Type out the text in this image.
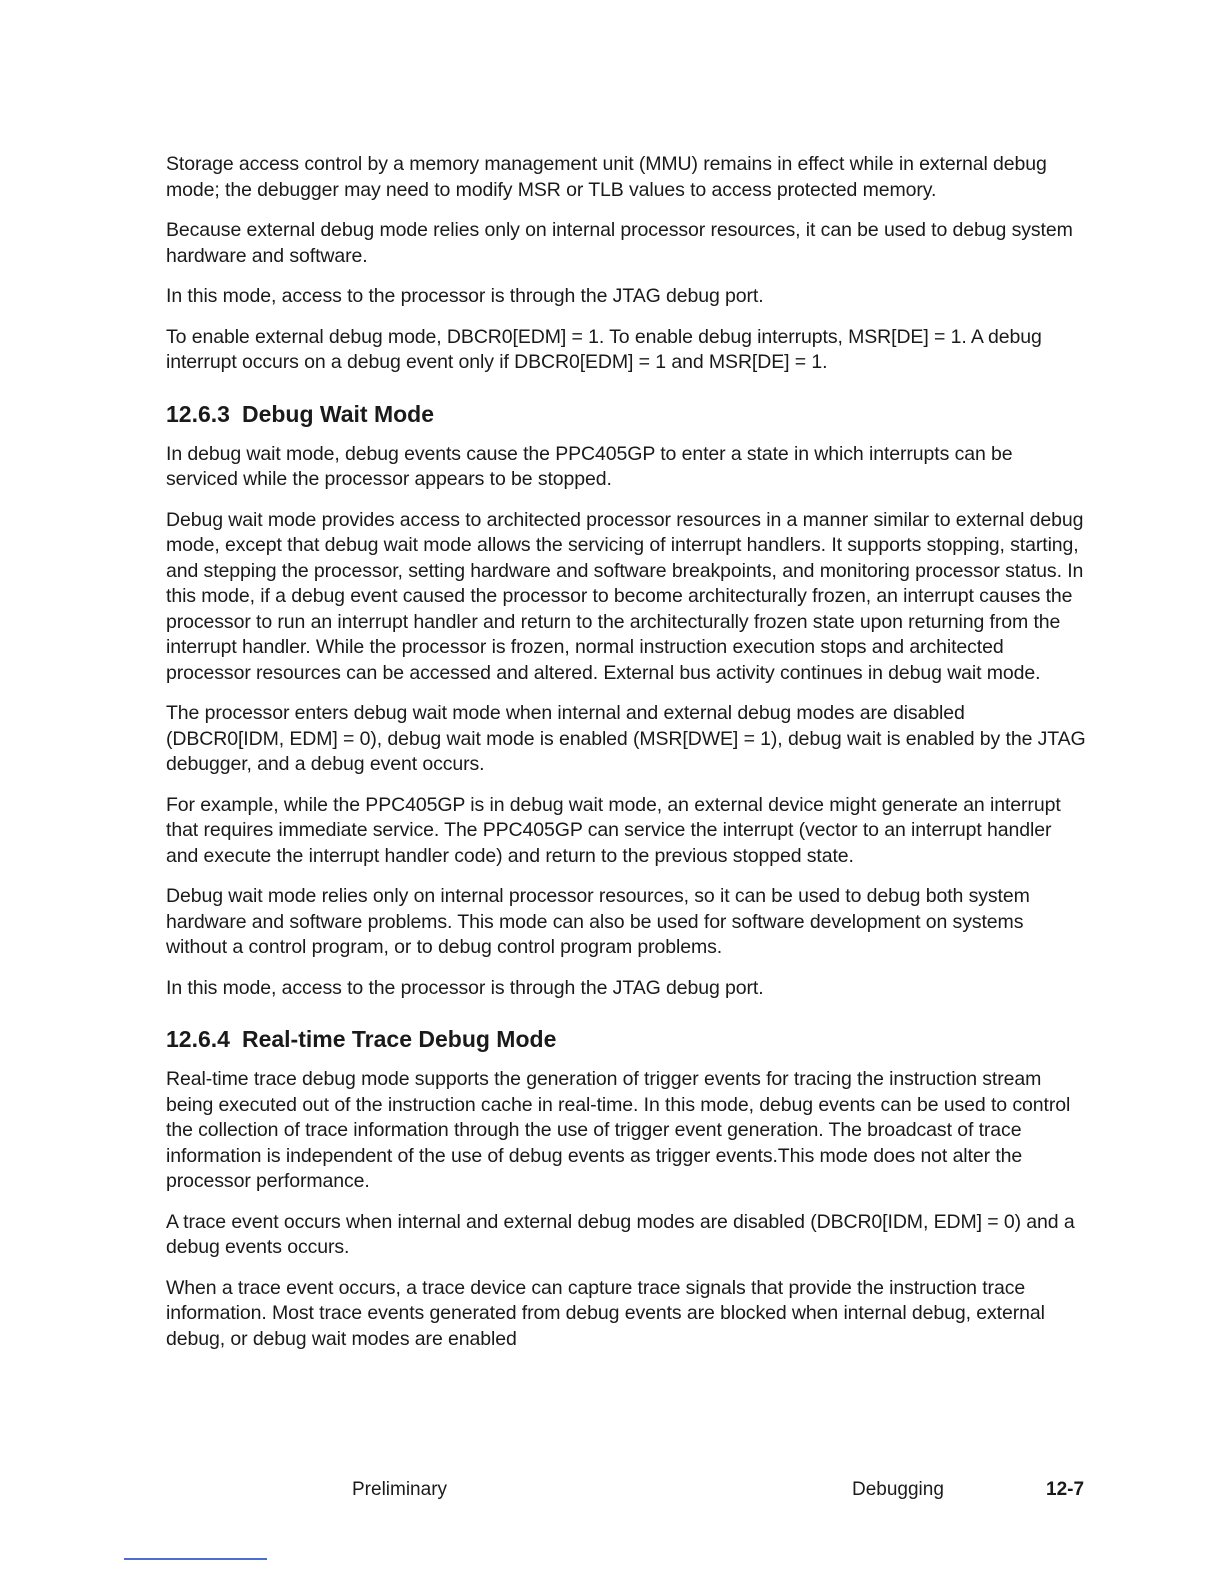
Storage access control by a memory management unit (MMU) remains in effect while in external debug mode; the debugger may need to modify MSR or TLB values to access protected memory.

Because external debug mode relies only on internal processor resources, it can be used to debug system hardware and software.

In this mode, access to the processor is through the JTAG debug port.

To enable external debug mode, DBCR0[EDM] = 1. To enable debug interrupts, MSR[DE] = 1. A debug interrupt occurs on a debug event only if DBCR0[EDM] = 1 and MSR[DE] = 1.

12.6.3 Debug Wait Mode

In debug wait mode, debug events cause the PPC405GP to enter a state in which interrupts can be serviced while the processor appears to be stopped.

Debug wait mode provides access to architected processor resources in a manner similar to external debug mode, except that debug wait mode allows the servicing of interrupt handlers. It supports stopping, starting, and stepping the processor, setting hardware and software breakpoints, and monitoring processor status. In this mode, if a debug event caused the processor to become architecturally frozen, an interrupt causes the processor to run an interrupt handler and return to the architecturally frozen state upon returning from the interrupt handler. While the processor is frozen, normal instruction execution stops and architected processor resources can be accessed and altered. External bus activity continues in debug wait mode.

The processor enters debug wait mode when internal and external debug modes are disabled (DBCR0[IDM, EDM] = 0), debug wait mode is enabled (MSR[DWE] = 1), debug wait is enabled by the JTAG debugger, and a debug event occurs.

For example, while the PPC405GP is in debug wait mode, an external device might generate an interrupt that requires immediate service. The PPC405GP can service the interrupt (vector to an interrupt handler and execute the interrupt handler code) and return to the previous stopped state.

Debug wait mode relies only on internal processor resources, so it can be used to debug both system hardware and software problems. This mode can also be used for software development on systems without a control program, or to debug control program problems.

In this mode, access to the processor is through the JTAG debug port.

12.6.4 Real-time Trace Debug Mode

Real-time trace debug mode supports the generation of trigger events for tracing the instruction stream being executed out of the instruction cache in real-time. In this mode, debug events can be used to control the collection of trace information through the use of trigger event generation. The broadcast of trace information is independent of the use of debug events as trigger events.This mode does not alter the processor performance.

A trace event occurs when internal and external debug modes are disabled (DBCR0[IDM, EDM] = 0) and a debug events occurs.

When a trace event occurs, a trace device can capture trace signals that provide the instruction trace information. Most trace events generated from debug events are blocked when internal debug, external debug, or debug wait modes are enabled

Preliminary	Debugging	12-7
